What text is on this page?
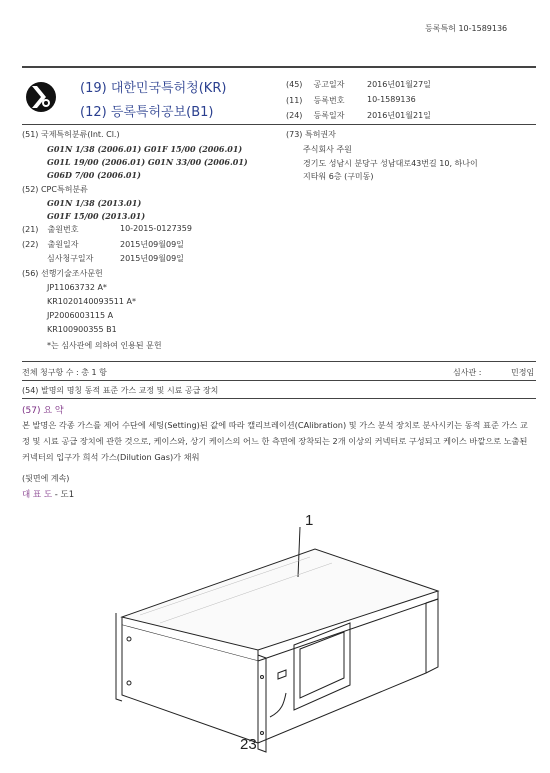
등록특허 10-1589136
(19) 대한민국특허청(KR)
(12) 등록특허공보(B1)
(45) 공고일자	2016년01월27일
(11) 등록번호	10-1589136
(24) 등록일자	2016년01월21일
(51) 국제특허분류(Int. Cl.)
G01N 1/38 (2006.01) G01F 15/00 (2006.01)
G01L 19/00 (2006.01) G01N 33/00 (2006.01)
G06D 7/00 (2006.01)
(52) CPC특허분류
G01N 1/38 (2013.01)
G01F 15/00 (2013.01)
(21) 출원번호	10-2015-0127359
(22) 출원일자	2015년09월09일
심사청구일자	2015년09월09일
(56) 선행기술조사문헌
JP11063732 A*
KR1020140093511 A*
JP2006003115 A
KR100900355 B1
*는 심사관에 의하여 인용된 문헌
(73) 특허권자
주식회사 주원
경기도 성남시 분당구 성남대로43번길 10, 하나이
지타워 6층 (구미동)
전체 청구항 수 : 총 1 항	심사관 :	민정임
(54) 발명의 명칭 동적 표준 가스 교정 및 시료 공급 장치
(57) 요 약
본 발명은 각종 가스를 제어 수단에 세팅(Setting)된 값에 따라 캘리브레이션(CAlibration) 및 가스 분석 장치로 분사시키는 동적 표준 가스 교정 및 시료 공급 장치에 관한 것으로, 케이스와, 상기 케이스의 어느 한 측면에 장착되는 2개 이상의 커넥터로 구성되고 케이스 바깥으로 노출된 커넥터의 입구가 희석 가스(Dilution Gas)가 채워
(뒷면에 계속)
대 표 도 - 도1
1
23
